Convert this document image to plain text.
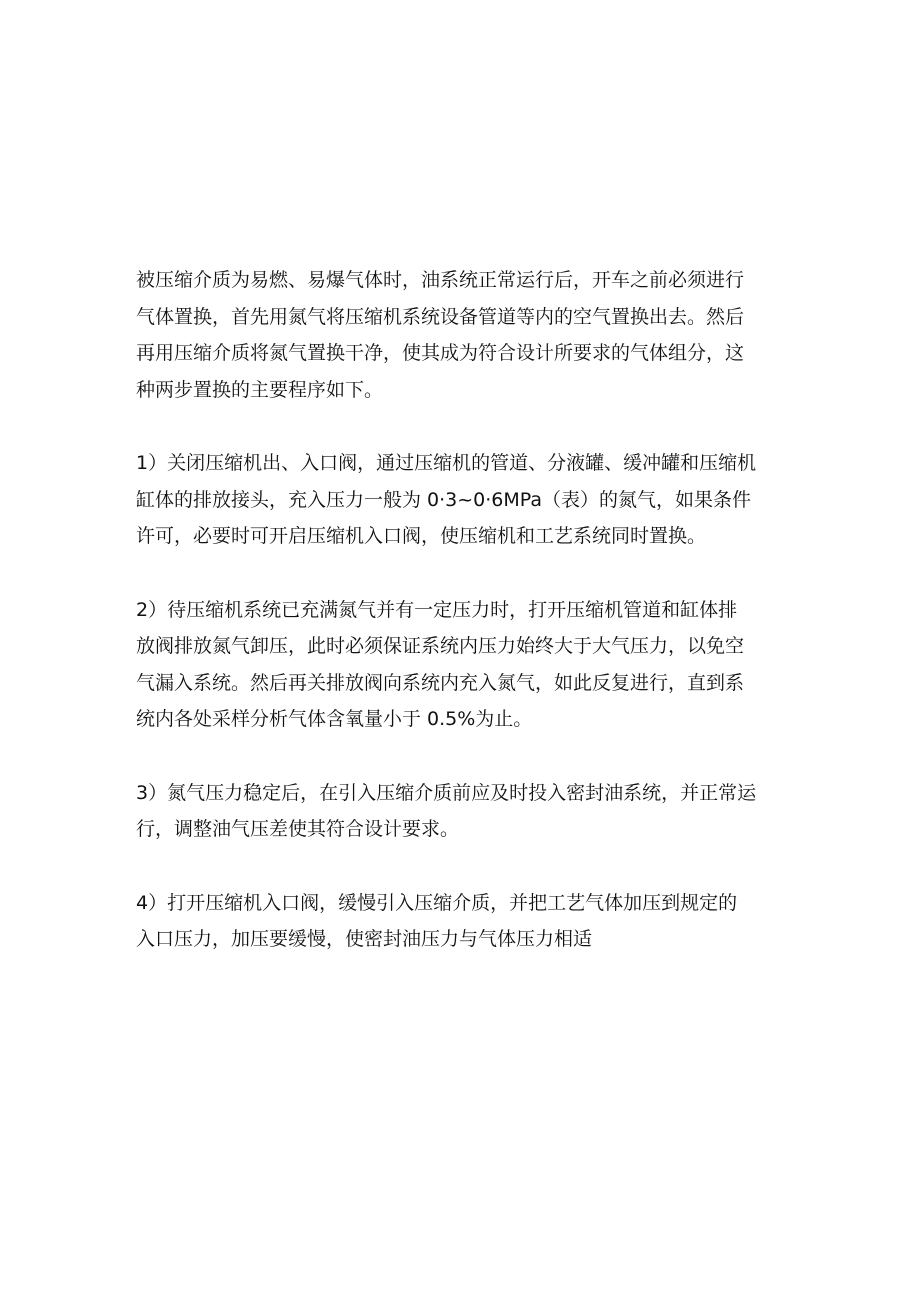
被压缩介质为易燃、易爆气体时，油系统正常运行后，开车之前必须进行
气体置换，首先用氮气将压缩机系统设备管道等内的空气置换出去。然后
再用压缩介质将氮气置换干净，使其成为符合设计所要求的气体组分，这
种两步置换的主要程序如下。

1）关闭压缩机出、入口阀，通过压缩机的管道、分液罐、缓冲罐和压缩机
缸体的排放接头，充入压力一般为 0·3~0·6MPa（表）的氮气，如果条件
许可，必要时可开启压缩机入口阀，使压缩机和工艺系统同时置换。

2）待压缩机系统已充满氮气并有一定压力时，打开压缩机管道和缸体排
放阀排放氮气卸压，此时必须保证系统内压力始终大于大气压力，以免空
气漏入系统。然后再关排放阀向系统内充入氮气，如此反复进行，直到系
统内各处采样分析气体含氧量小于 0.5%为止。

3）氮气压力稳定后，在引入压缩介质前应及时投入密封油系统，并正常运
行，调整油气压差使其符合设计要求。

4）打开压缩机入口阀，缓慢引入压缩介质，并把工艺气体加压到规定的
入口压力，加压要缓慢，使密封油压力与气体压力相适
